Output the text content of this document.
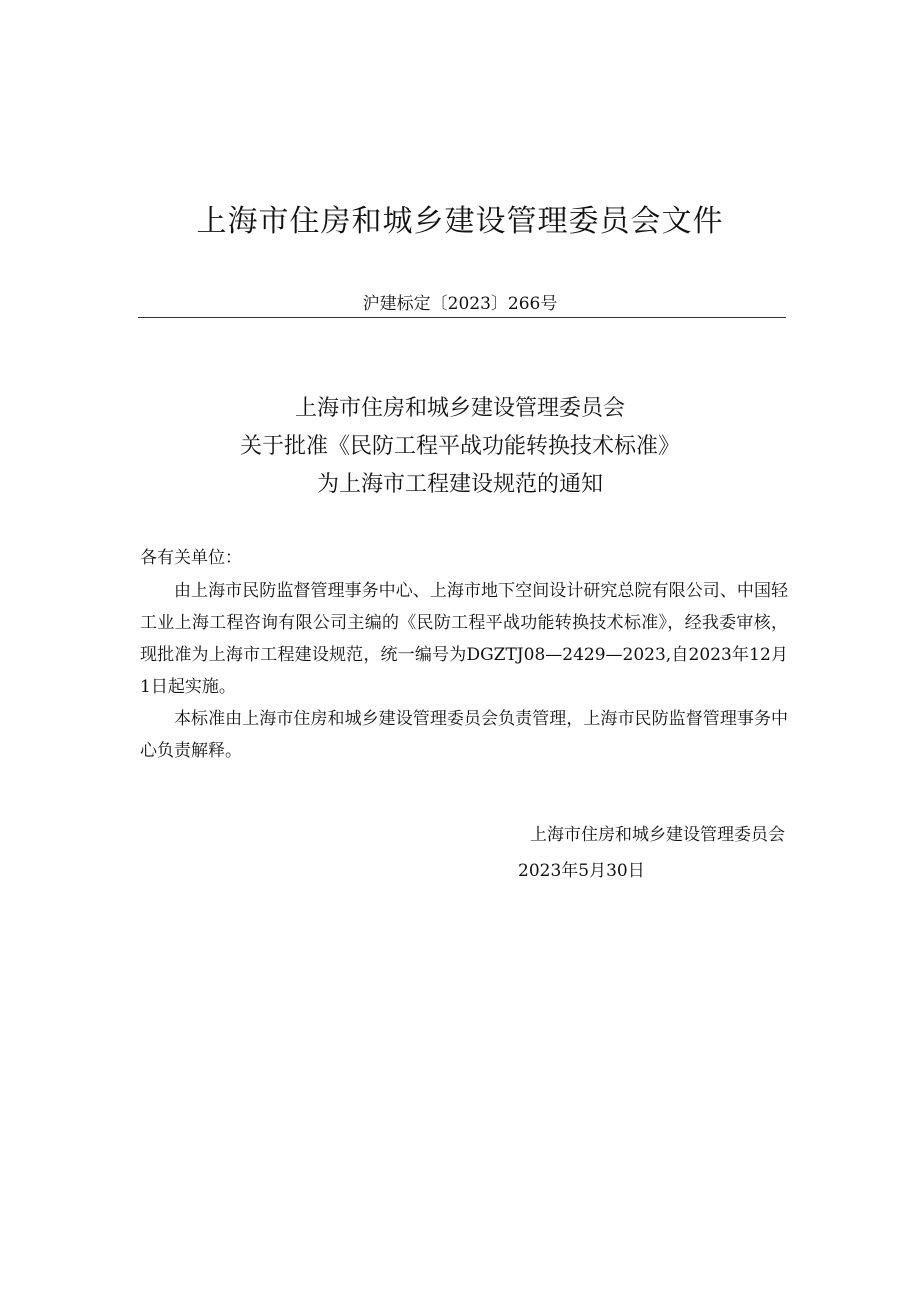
上海市住房和城乡建设管理委员会文件
沪建标定〔2023〕266号
上海市住房和城乡建设管理委员会
关于批准《民防工程平战功能转换技术标准》
为上海市工程建设规范的通知
各有关单位：

由上海市民防监督管理事务中心、上海市地下空间设计研究总院有限公司、中国轻工业上海工程咨询有限公司主编的《民防工程平战功能转换技术标准》，经我委审核，现批准为上海市工程建设规范，统一编号为DGZTJ08—2429—2023,自2023年12月1日起实施。

本标准由上海市住房和城乡建设管理委员会负责管理，上海市民防监督管理事务中心负责解释。

上海市住房和城乡建设管理委员会
2023年5月30日
